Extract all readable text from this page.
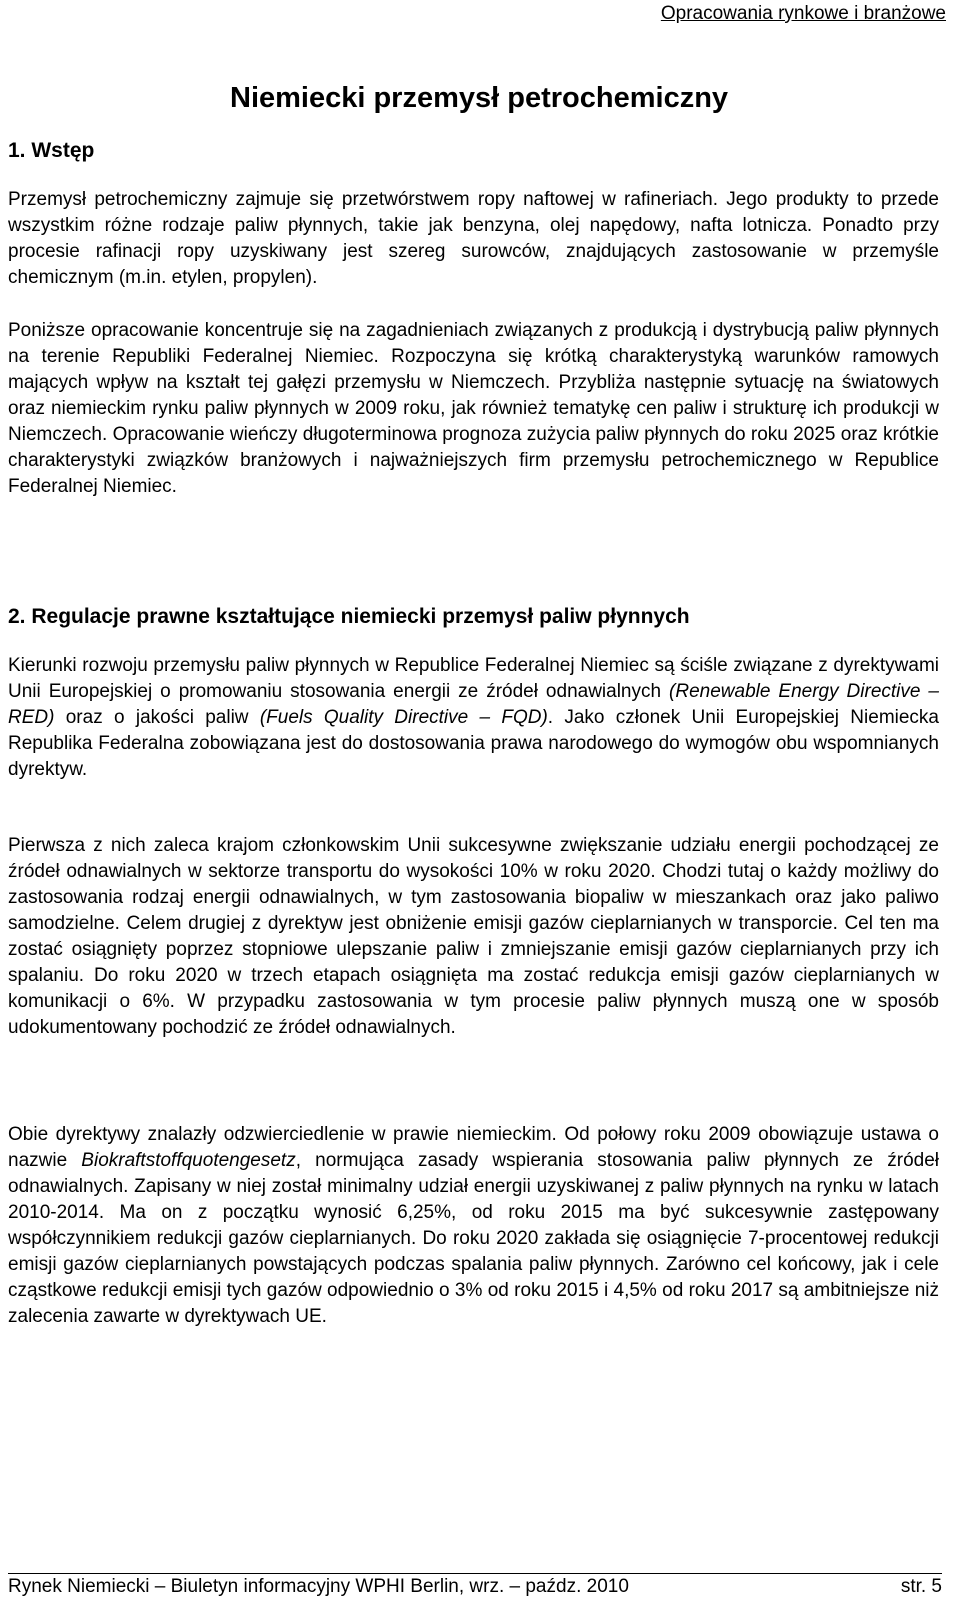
Opracowania rynkowe i branżowe
Niemiecki przemysł petrochemiczny
1. Wstęp

Przemysł petrochemiczny zajmuje się przetwórstwem ropy naftowej w rafineriach. Jego produkty to przede wszystkim różne rodzaje paliw płynnych, takie jak benzyna, olej napędowy, nafta lotnicza. Ponadto przy procesie rafinacji ropy uzyskiwany jest szereg surowców, znajdujących zastosowanie w przemyśle chemicznym (m.in. etylen, propylen).

Poniższe opracowanie koncentruje się na zagadnieniach związanych z produkcją i dystrybucją paliw płynnych na terenie Republiki Federalnej Niemiec. Rozpoczyna się krótką charakterystyką warunków ramowych mających wpływ na kształt tej gałęzi przemysłu w Niemczech. Przybliża następnie sytuację na światowych oraz niemieckim rynku paliw płynnych w 2009 roku, jak również tematykę cen paliw i strukturę ich produkcji w Niemczech. Opracowanie wieńczy długoterminowa prognoza zużycia paliw płynnych do roku 2025 oraz krótkie charakterystyki związków branżowych i najważniejszych firm przemysłu petrochemicznego w Republice Federalnej Niemiec.

2. Regulacje prawne kształtujące niemiecki przemysł paliw płynnych

Kierunki rozwoju przemysłu paliw płynnych w Republice Federalnej Niemiec są ściśle związane z dyrektywami Unii Europejskiej o promowaniu stosowania energii ze źródeł odnawialnych (Renewable Energy Directive – RED) oraz o jakości paliw (Fuels Quality Directive – FQD). Jako członek Unii Europejskiej Niemiecka Republika Federalna zobowiązana jest do dostosowania prawa narodowego do wymogów obu wspomnianych dyrektyw.

Pierwsza z nich zaleca krajom członkowskim Unii sukcesywne zwiększanie udziału energii pochodzącej ze źródeł odnawialnych w sektorze transportu do wysokości 10% w roku 2020. Chodzi tutaj o każdy możliwy do zastosowania rodzaj energii odnawialnych, w tym zastosowania biopaliw w mieszankach oraz jako paliwo samodzielne. Celem drugiej z dyrektyw jest obniżenie emisji gazów cieplarnianych w transporcie. Cel ten ma zostać osiągnięty poprzez stopniowe ulepszanie paliw i zmniejszanie emisji gazów cieplarnianych przy ich spalaniu. Do roku 2020 w trzech etapach osiągnięta ma zostać redukcja emisji gazów cieplarnianych w komunikacji o 6%. W przypadku zastosowania w tym procesie paliw płynnych muszą one w sposób udokumentowany pochodzić ze źródeł odnawialnych.

Obie dyrektywy znalazły odzwierciedlenie w prawie niemieckim. Od połowy roku 2009 obowiązuje ustawa o nazwie Biokraftstoffquotengesetz, normująca zasady wspierania stosowania paliw płynnych ze źródeł odnawialnych. Zapisany w niej został minimalny udział energii uzyskiwanej z paliw płynnych na rynku w latach 2010-2014. Ma on z początku wynosić 6,25%, od roku 2015 ma być sukcesywnie zastępowany współczynnikiem redukcji gazów cieplarnianych. Do roku 2020 zakłada się osiągnięcie 7-procentowej redukcji emisji gazów cieplarnianych powstających podczas spalania paliw płynnych. Zarówno cel końcowy, jak i cele cząstkowe redukcji emisji tych gazów odpowiednio o 3% od roku 2015 i 4,5% od roku 2017 są ambitniejsze niż zalecenia zawarte w dyrektywach UE.

Rynek Niemiecki – Biuletyn informacyjny WPHI Berlin, wrz. – paźdz. 2010	str. 5
